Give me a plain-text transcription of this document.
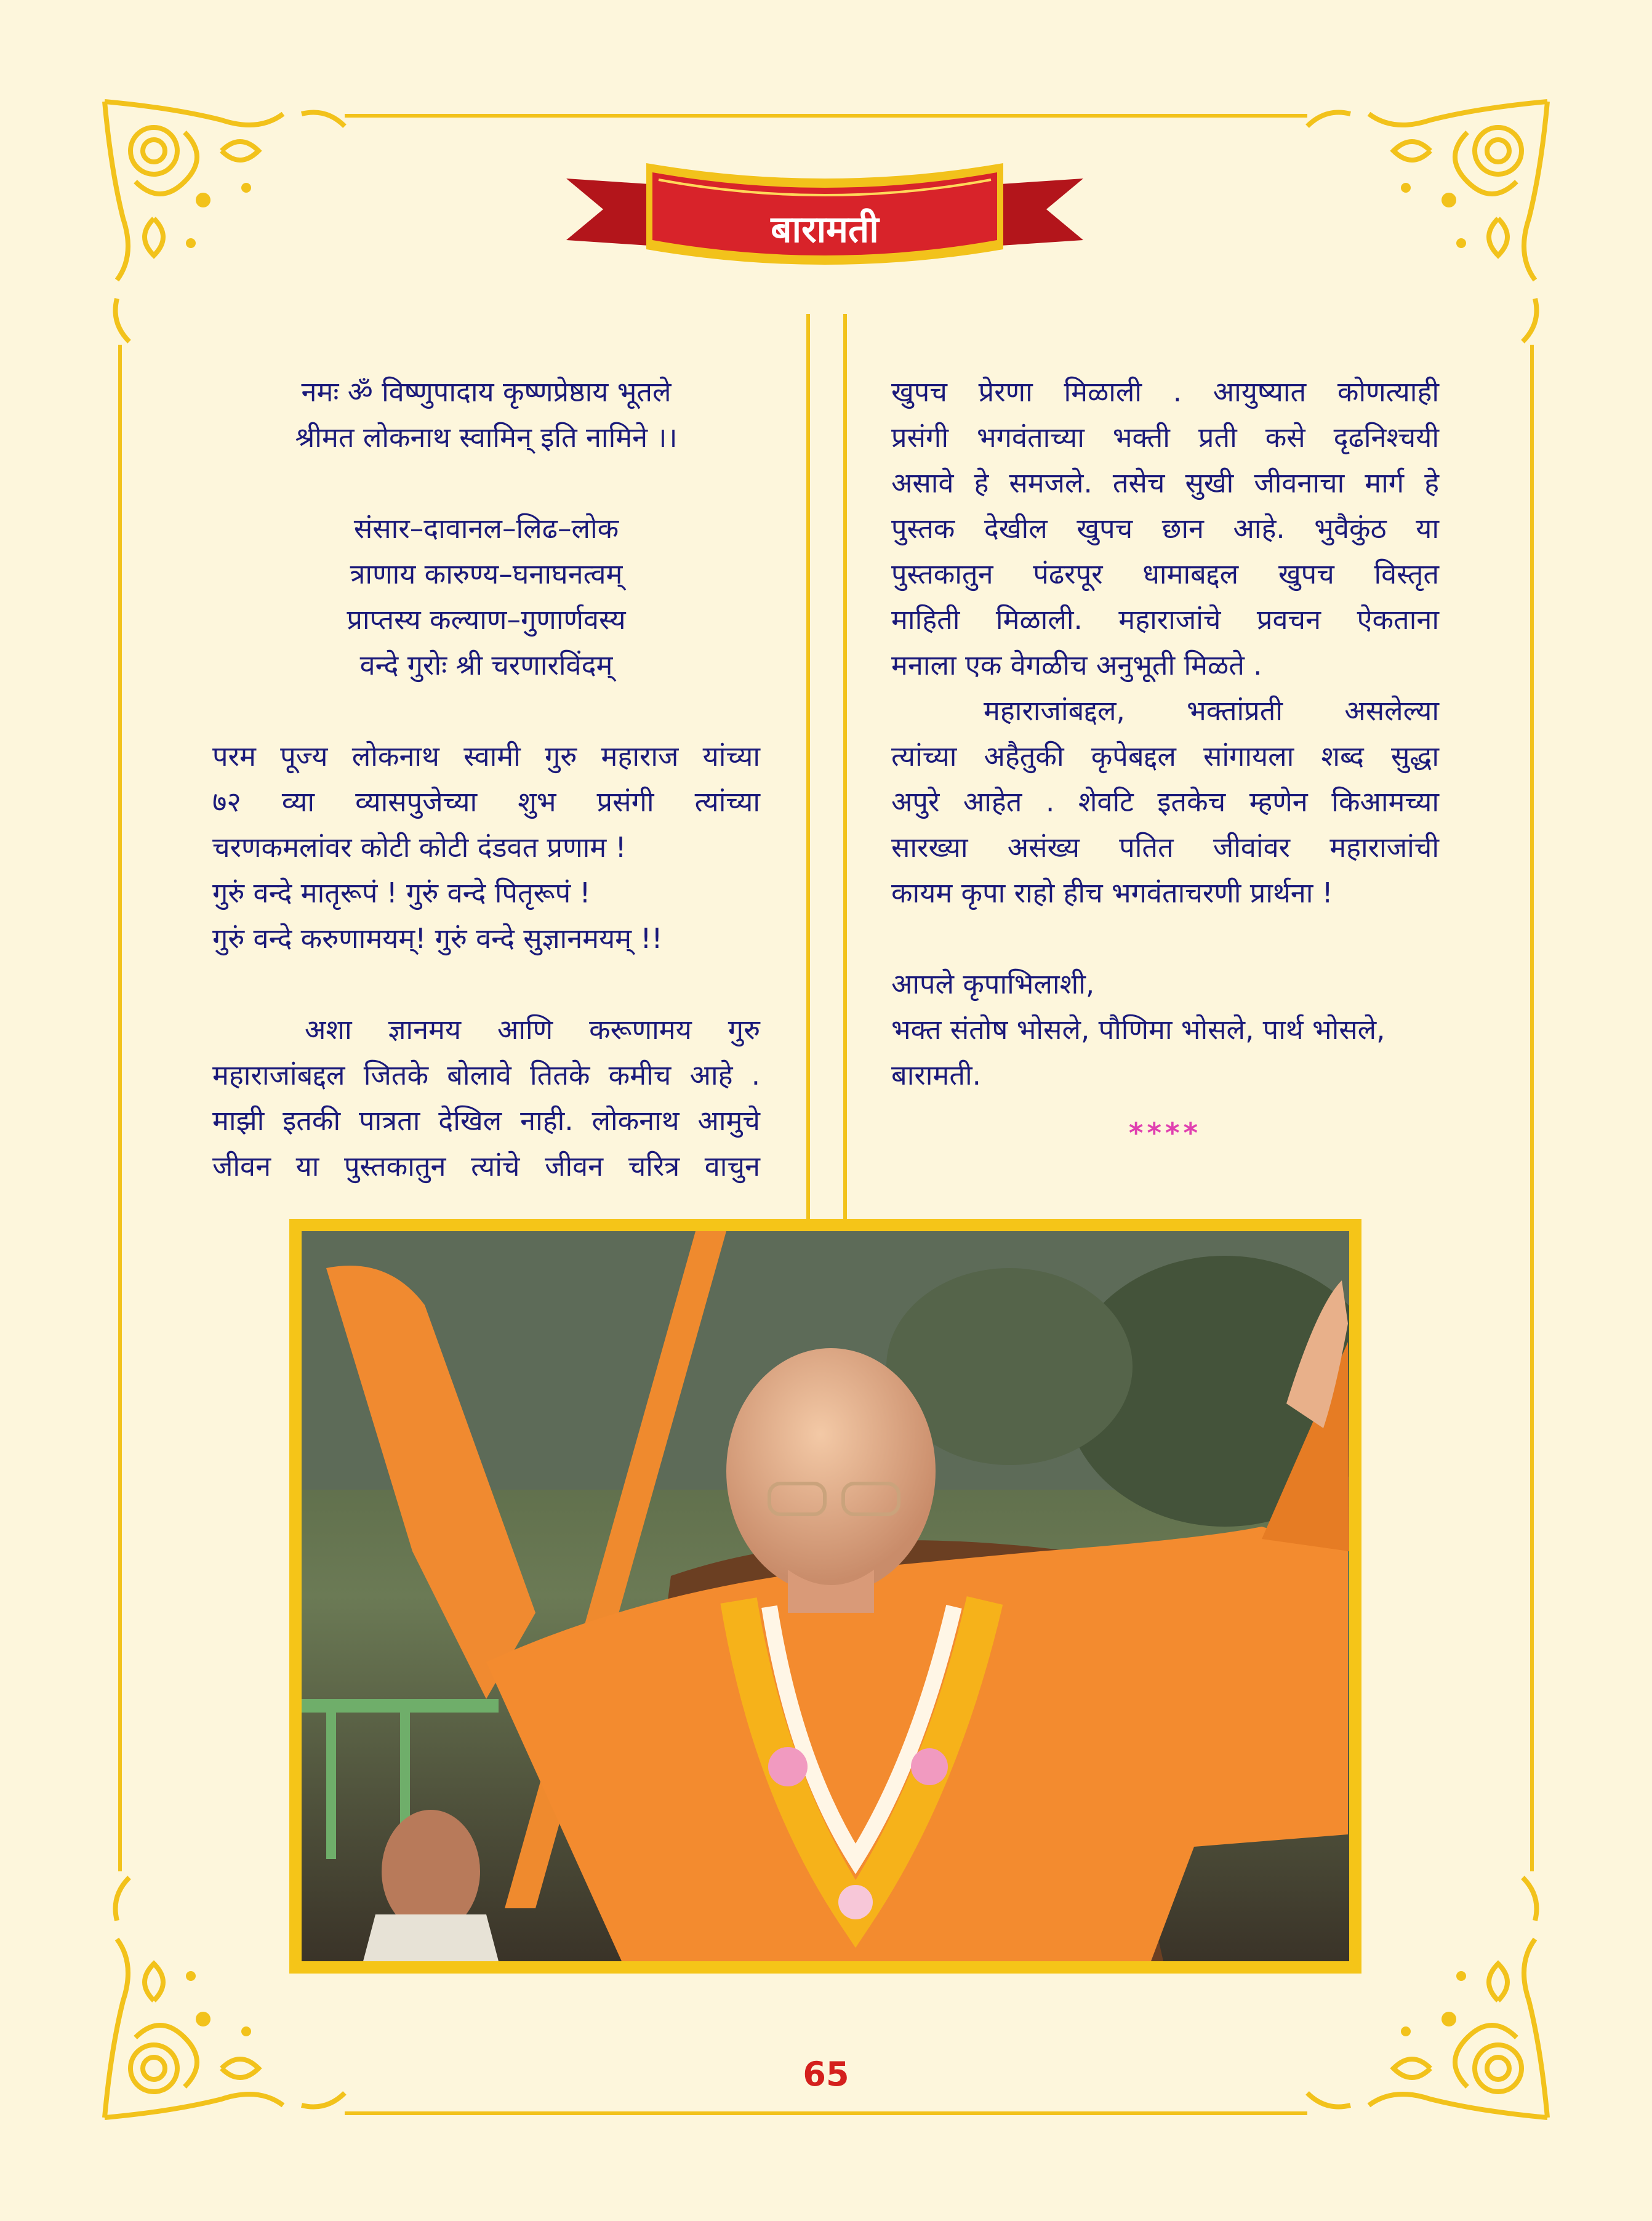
बारामती
नमः ॐ विष्णुपादाय कृष्णप्रेष्ठाय भूतले
श्रीमत लोकनाथ स्वामिन् इति नामिने ।।
संसार–दावानल–लिढ–लोक
त्राणाय कारुण्य–घनाघनत्वम्
प्राप्तस्य कल्याण–गुणार्णवस्य
वन्दे गुरोः श्री चरणारविंदम्
परम पूज्य लोकनाथ स्वामी गुरु महाराज यांच्या
७२ व्या व्यासपुजेच्या शुभ प्रसंगी त्यांच्या
चरणकमलांवर कोटी कोटी दंडवत प्रणाम !
गुरुं वन्दे मातृरूपं ! गुरुं वन्दे पितृरूपं !
गुरुं वन्दे करुणामयम्! गुरुं वन्दे सुज्ञानमयम् !!
अशा ज्ञानमय आणि करूणामय गुरु
महाराजांबद्दल जितके बोलावे तितके कमीच आहे .
माझी इतकी पात्रता देखिल नाही. लोकनाथ आमुचे
जीवन या पुस्तकातुन त्यांचे जीवन चरित्र वाचुन
खुपच प्रेरणा मिळाली . आयुष्यात कोणत्याही
प्रसंगी भगवंताच्या भक्ती प्रती कसे दृढनिश्चयी
असावे हे समजले. तसेच सुखी जीवनाचा मार्ग हे
पुस्तक देखील खुपच छान आहे. भुवैकुंठ या
पुस्तकातुन पंढरपूर धामाबद्दल खुपच विस्तृत
माहिती मिळाली. महाराजांचे प्रवचन ऐकताना
मनाला एक वेगळीच अनुभूती मिळते .
महाराजांबद्दल, भक्तांप्रती असलेल्या
त्यांच्या अहैतुकी कृपेबद्दल सांगायला शब्द सुद्धा
अपुरे आहेत . शेवटि इतकेच म्हणेन किआमच्या
सारख्या असंख्य पतित जीवांवर महाराजांची
कायम कृपा राहो हीच भगवंताचरणी प्रार्थना !
आपले कृपाभिलाशी,
भक्त संतोष भोसले, पौणिमा भोसले, पार्थ भोसले,
बारामती.
****
65
